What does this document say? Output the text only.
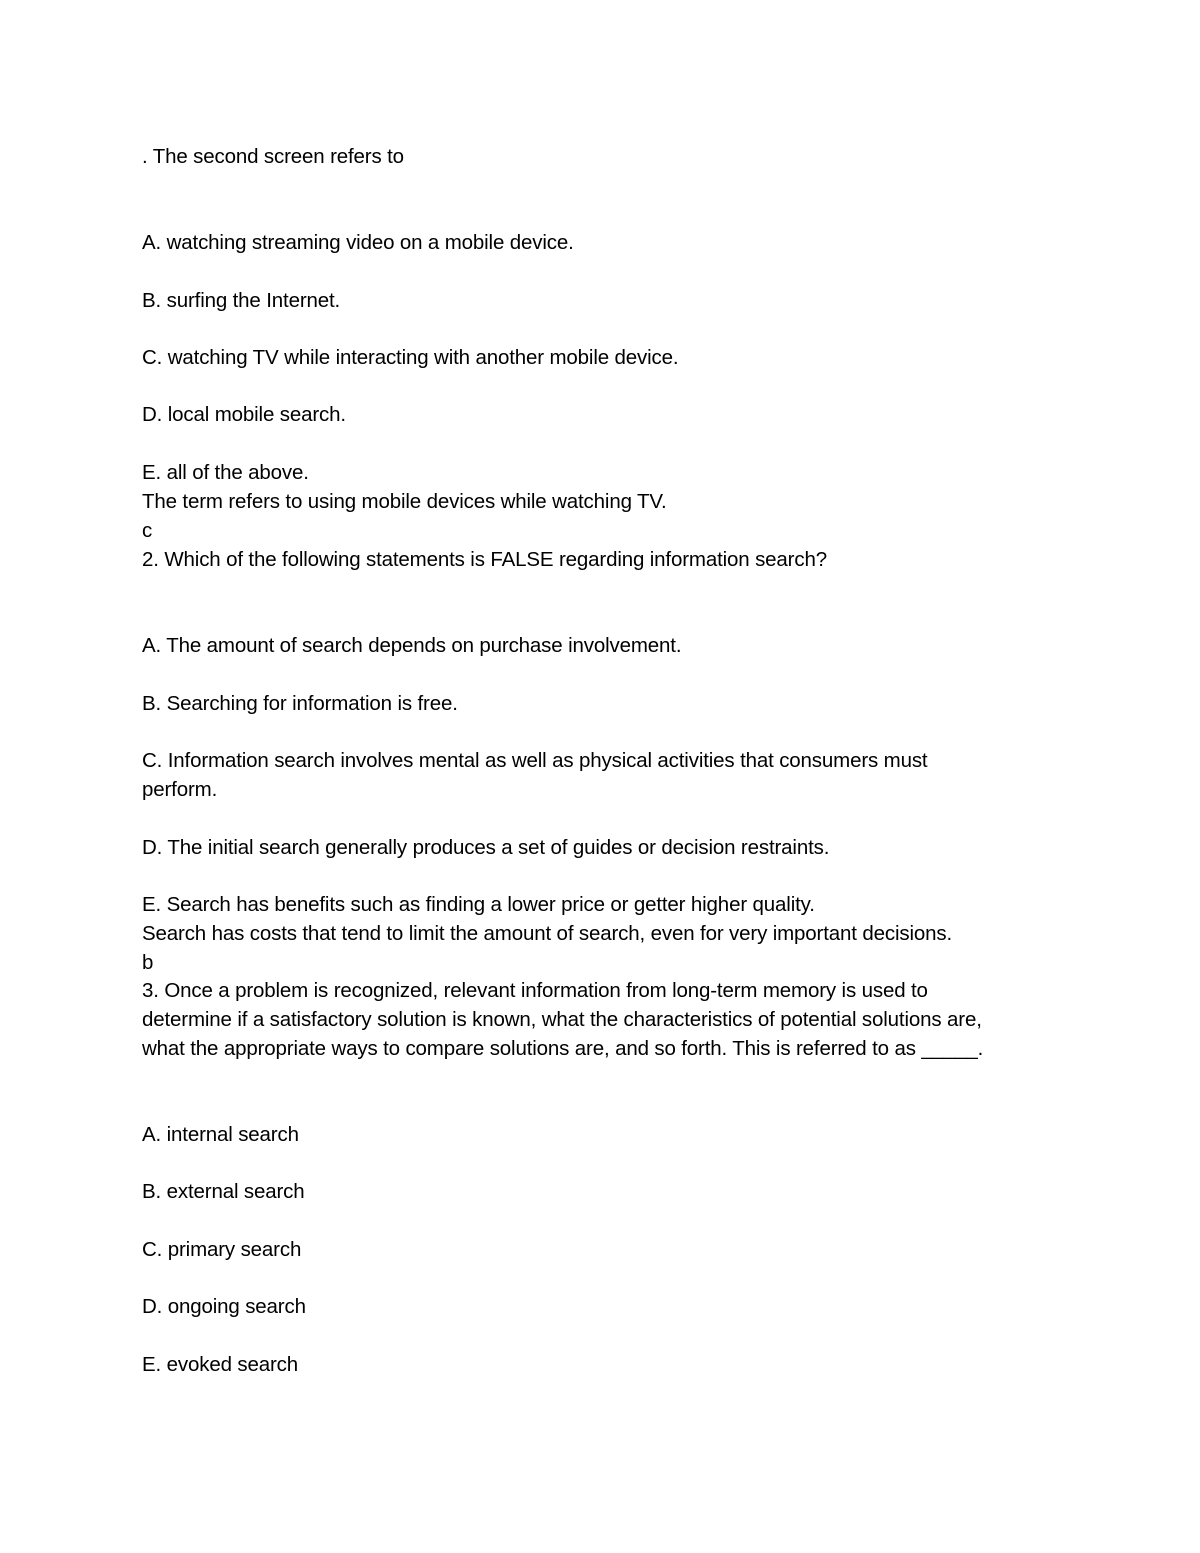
. The second screen refers to
A. watching streaming video on a mobile device.
B. surfing the Internet.
C. watching TV while interacting with another mobile device.
D. local mobile search.
E. all of the above.
The term refers to using mobile devices while watching TV.
c
2. Which of the following statements is FALSE regarding information search?
A. The amount of search depends on purchase involvement.
B. Searching for information is free.
C. Information search involves mental as well as physical activities that consumers must
perform.
D. The initial search generally produces a set of guides or decision restraints.
E. Search has benefits such as finding a lower price or getter higher quality.
Search has costs that tend to limit the amount of search, even for very important decisions.
b
3. Once a problem is recognized, relevant information from long-term memory is used to
determine if a satisfactory solution is known, what the characteristics of potential solutions are,
what the appropriate ways to compare solutions are, and so forth. This is referred to as _____.
A. internal search
B. external search
C. primary search
D. ongoing search
E. evoked search
